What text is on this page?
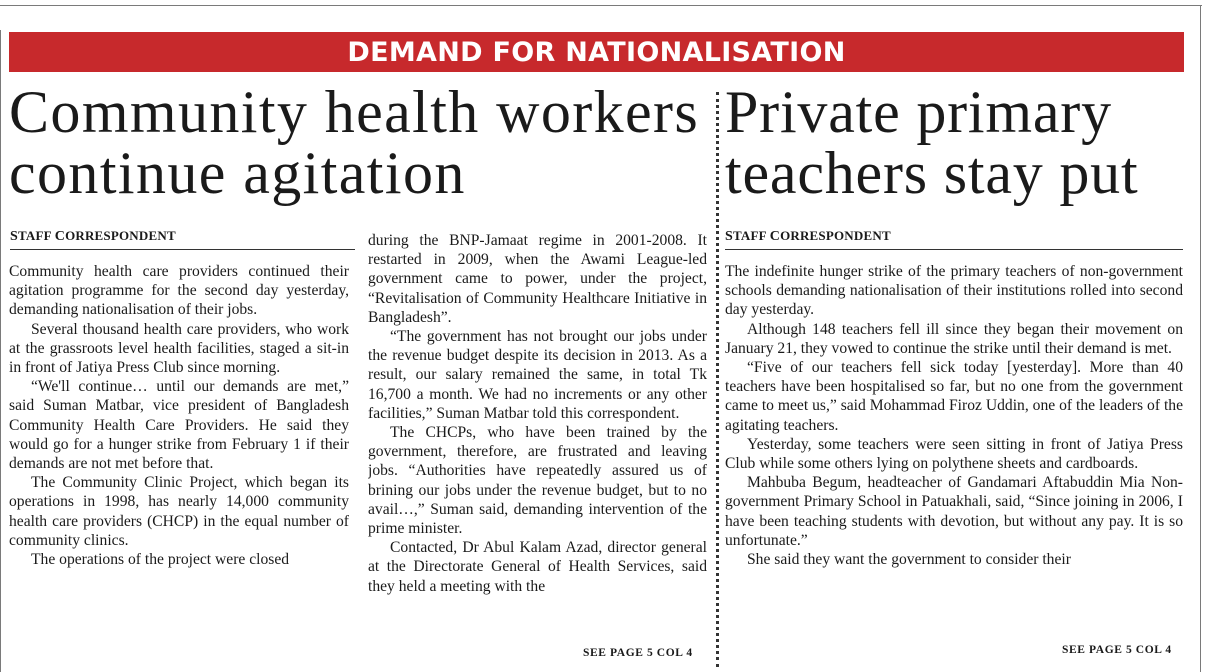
DEMAND FOR NATIONALISATION
Community health workers
continue agitation
Private primary
teachers stay put
STAFF CORRESPONDENT

Community health care providers continued their agitation programme for the second day yesterday, demanding nationalisation of their jobs.

Several thousand health care providers, who work at the grassroots level health facilities, staged a sit-in in front of Jatiya Press Club since morning.

“We'll continue… until our demands are met,” said Suman Matbar, vice president of Bangladesh Community Health Care Providers. He said they would go for a hunger strike from February 1 if their demands are not met before that.

The Community Clinic Project, which began its operations in 1998, has nearly 14,000 community health care providers (CHCP) in the equal number of community clinics.

The operations of the project were closed

during the BNP-Jamaat regime in 2001-2008. It restarted in 2009, when the Awami League-led government came to power, under the project, “Revitalisation of Community Healthcare Initiative in Bangladesh”.

“The government has not brought our jobs under the revenue budget despite its decision in 2013. As a result, our salary remained the same, in total Tk 16,700 a month. We had no increments or any other facilities,” Suman Matbar told this correspondent.

The CHCPs, who have been trained by the government, therefore, are frustrated and leaving jobs. “Authorities have repeatedly assured us of brining our jobs under the revenue budget, but to no avail…,” Suman said, demanding intervention of the prime minister.

Contacted, Dr Abul Kalam Azad, director general at the Directorate General of Health Services, said they held a meeting with the

SEE PAGE 5 COL 4
STAFF CORRESPONDENT

The indefinite hunger strike of the primary teachers of non-government schools demanding nationalisation of their institutions rolled into second day yesterday.

Although 148 teachers fell ill since they began their movement on January 21, they vowed to continue the strike until their demand is met.

“Five of our teachers fell sick today [yesterday]. More than 40 teachers have been hospitalised so far, but no one from the government came to meet us,” said Mohammad Firoz Uddin, one of the leaders of the agitating teachers.

Yesterday, some teachers were seen sitting in front of Jatiya Press Club while some others lying on polythene sheets and cardboards.

Mahbuba Begum, headteacher of Gandamari Aftabuddin Mia Non-government Primary School in Patuakhali, said, “Since joining in 2006, I have been teaching students with devotion, but without any pay. It is so unfortunate.”

She said they want the government to consider their

SEE PAGE 5 COL 4
